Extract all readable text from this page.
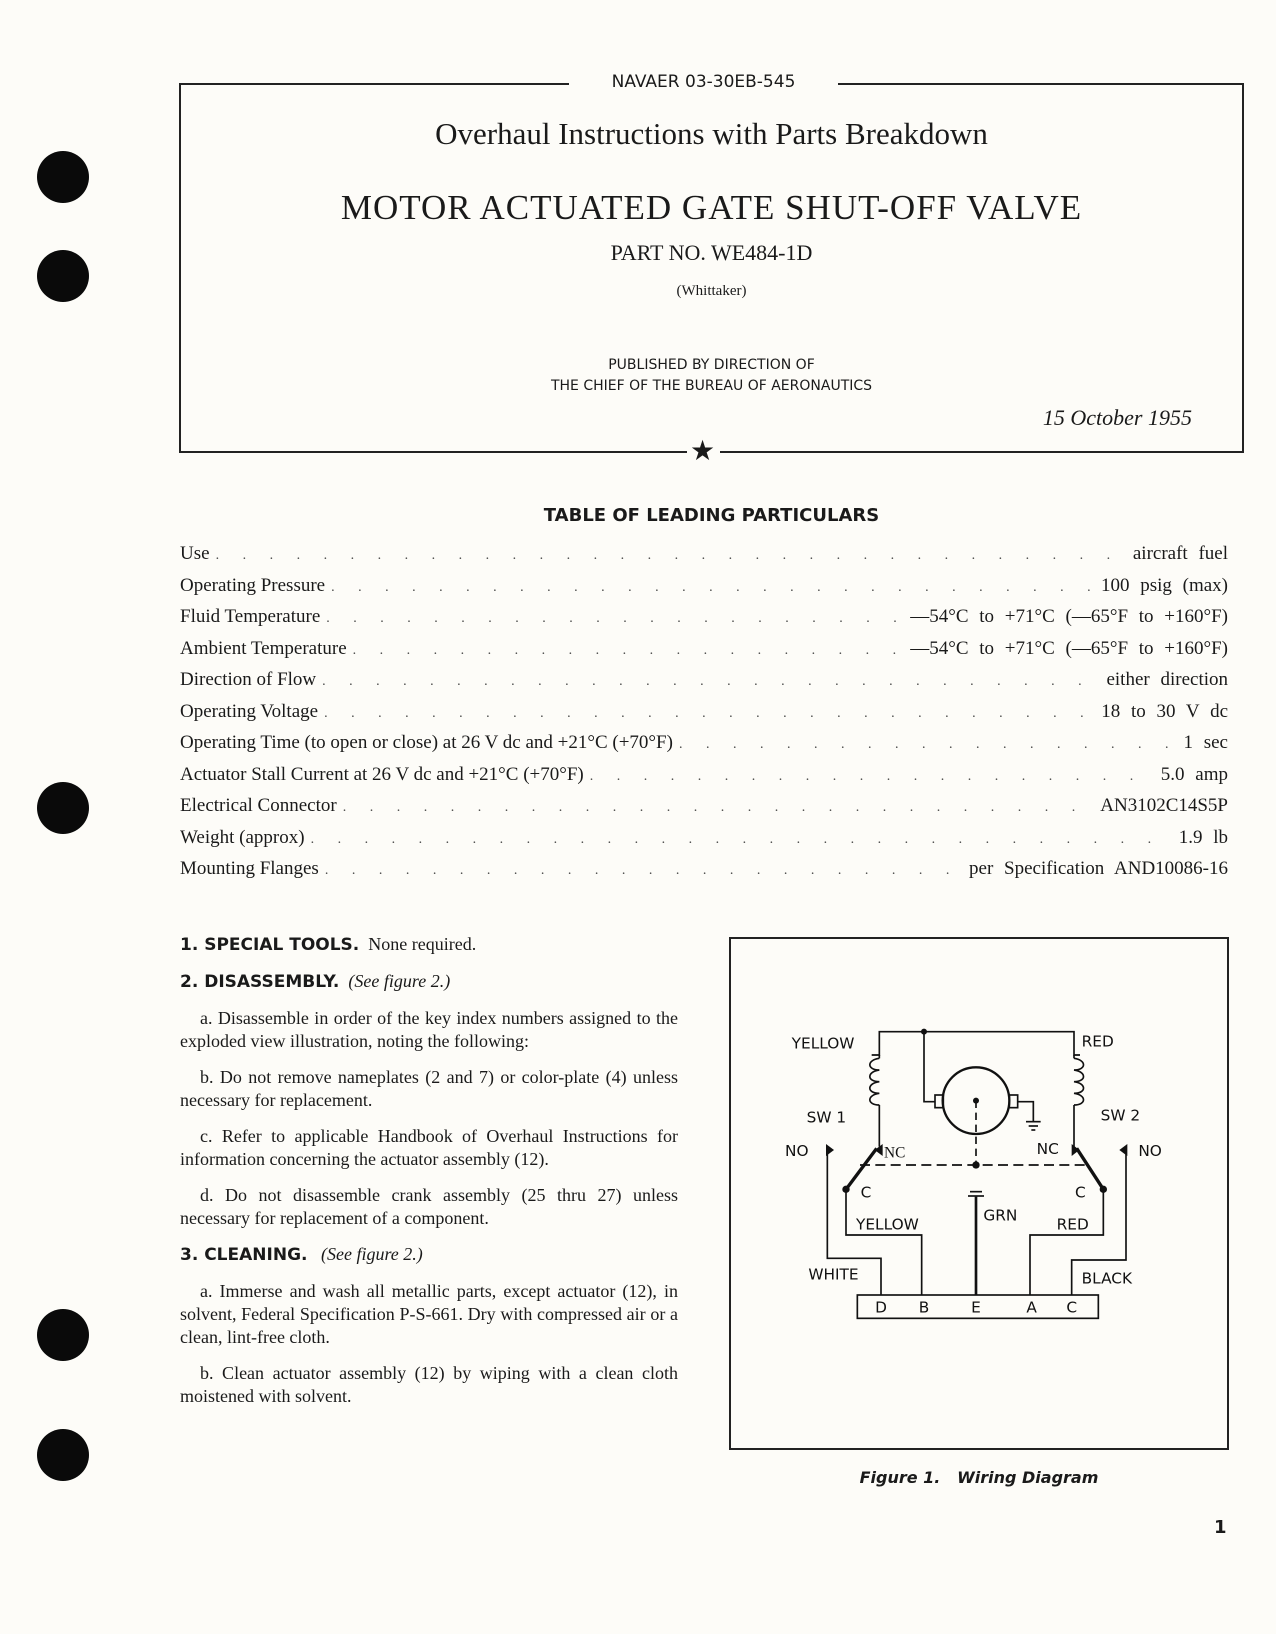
★
NAVAER 03-30EB-545
Overhaul Instructions with Parts Breakdown
MOTOR ACTUATED GATE SHUT-OFF VALVE
PART NO. WE484-1D
(Whittaker)
PUBLISHED BY DIRECTION OF
THE CHIEF OF THE BUREAU OF AERONAUTICS
15 October 1955
TABLE OF LEADING PARTICULARS
Use . . .	aircraft fuel
Operating Pressure . . .	100 psig (max)
Fluid Temperature . . .	—54°C to +71°C (—65°F to +160°F)
Ambient Temperature . . .	—54°C to +71°C (—65°F to +160°F)
Direction of Flow . . .	either direction
Operating Voltage . . .	18 to 30 V dc
Operating Time (to open or close) at 26 V dc and +21°C (+70°F) . . .	1 sec
Actuator Stall Current at 26 V dc and +21°C (+70°F) . . .	5.0 amp
Electrical Connector . . .	AN3102C14S5P
Weight (approx) . . .	1.9 lb
Mounting Flanges . . .	per Specification AND10086-16

1. SPECIAL TOOLS. None required.

2. DISASSEMBLY. (See figure 2.)

a. Disassemble in order of the key index numbers assigned to the exploded view illustration, noting the following:

b. Do not remove nameplates (2 and 7) or color-plate (4) unless necessary for replacement.

c. Refer to applicable Handbook of Overhaul Instructions for information concerning the actuator assembly (12).

d. Do not disassemble crank assembly (25 thru 27) unless necessary for replacement of a component.

3. CLEANING. (See figure 2.)

a. Immerse and wash all metallic parts, except actuator (12), in solvent, Federal Specification P-S-661. Dry with compressed air or a clean, lint-free cloth.

b. Clean actuator assembly (12) by wiping with a clean cloth moistened with solvent.

YELLOW	RED
SW 1	SW 2
NO NC	NC NO
C	C
YELLOW GRN RED
WHITE	BLACK
D B E A C
Figure 1.   Wiring Diagram
1
